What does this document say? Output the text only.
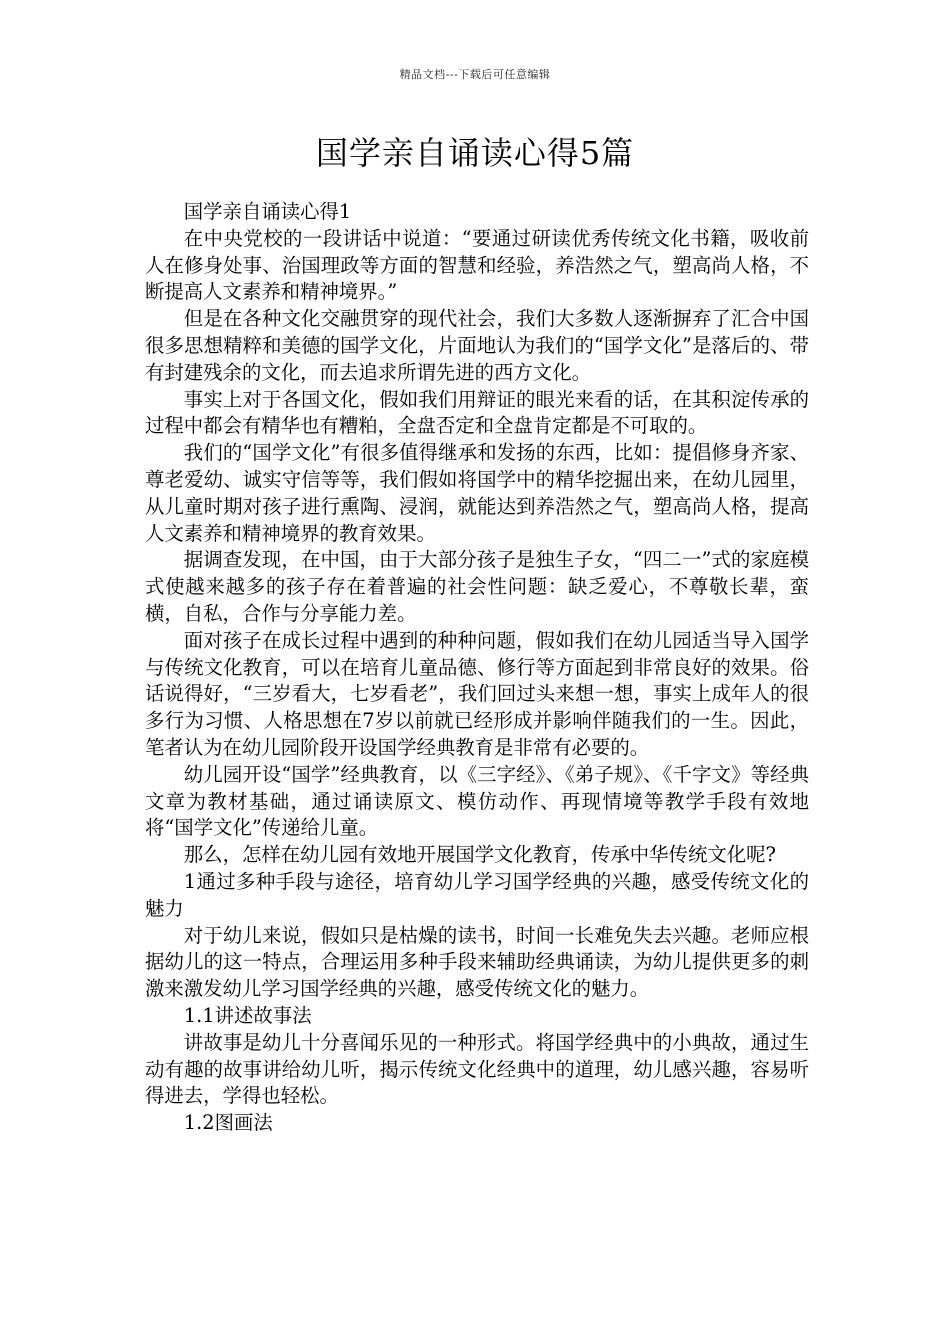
精品文档---下载后可任意编辑
国学亲自诵读心得5篇

国学亲自诵读心得1

在中央党校的一段讲话中说道：“要通过研读优秀传统文化书籍，吸收前人在修身处事、治国理政等方面的智慧和经验，养浩然之气，塑高尚人格，不断提高人文素养和精神境界。”

但是在各种文化交融贯穿的现代社会，我们大多数人逐渐摒弃了汇合中国很多思想精粹和美德的国学文化，片面地认为我们的“国学文化”是落后的、带有封建残余的文化，而去追求所谓先进的西方文化。

事实上对于各国文化，假如我们用辩证的眼光来看的话，在其积淀传承的过程中都会有精华也有糟粕，全盘否定和全盘肯定都是不可取的。

我们的“国学文化”有很多值得继承和发扬的东西，比如：提倡修身齐家、尊老爱幼、诚实守信等等，我们假如将国学中的精华挖掘出来，在幼儿园里，从儿童时期对孩子进行熏陶、浸润，就能达到养浩然之气，塑高尚人格，提高人文素养和精神境界的教育效果。

据调查发现，在中国，由于大部分孩子是独生子女，“四二一”式的家庭模式使越来越多的孩子存在着普遍的社会性问题：缺乏爱心，不尊敬长辈，蛮横，自私，合作与分享能力差。

面对孩子在成长过程中遇到的种种问题，假如我们在幼儿园适当导入国学与传统文化教育，可以在培育儿童品德、修行等方面起到非常良好的效果。俗话说得好，“三岁看大，七岁看老”，我们回过头来想一想，事实上成年人的很多行为习惯、人格思想在7岁以前就已经形成并影响伴随我们的一生。因此，笔者认为在幼儿园阶段开设国学经典教育是非常有必要的。

幼儿园开设“国学”经典教育，以《三字经》、《弟子规》、《千字文》等经典文章为教材基础，通过诵读原文、模仿动作、再现情境等教学手段有效地将“国学文化”传递给儿童。

那么，怎样在幼儿园有效地开展国学文化教育，传承中华传统文化呢?

1通过多种手段与途径，培育幼儿学习国学经典的兴趣，感受传统文化的魅力

对于幼儿来说，假如只是枯燥的读书，时间一长难免失去兴趣。老师应根据幼儿的这一特点，合理运用多种手段来辅助经典诵读，为幼儿提供更多的刺激来激发幼儿学习国学经典的兴趣，感受传统文化的魅力。

1.1讲述故事法

讲故事是幼儿十分喜闻乐见的一种形式。将国学经典中的小典故，通过生动有趣的故事讲给幼儿听，揭示传统文化经典中的道理，幼儿感兴趣，容易听得进去，学得也轻松。

1.2图画法
